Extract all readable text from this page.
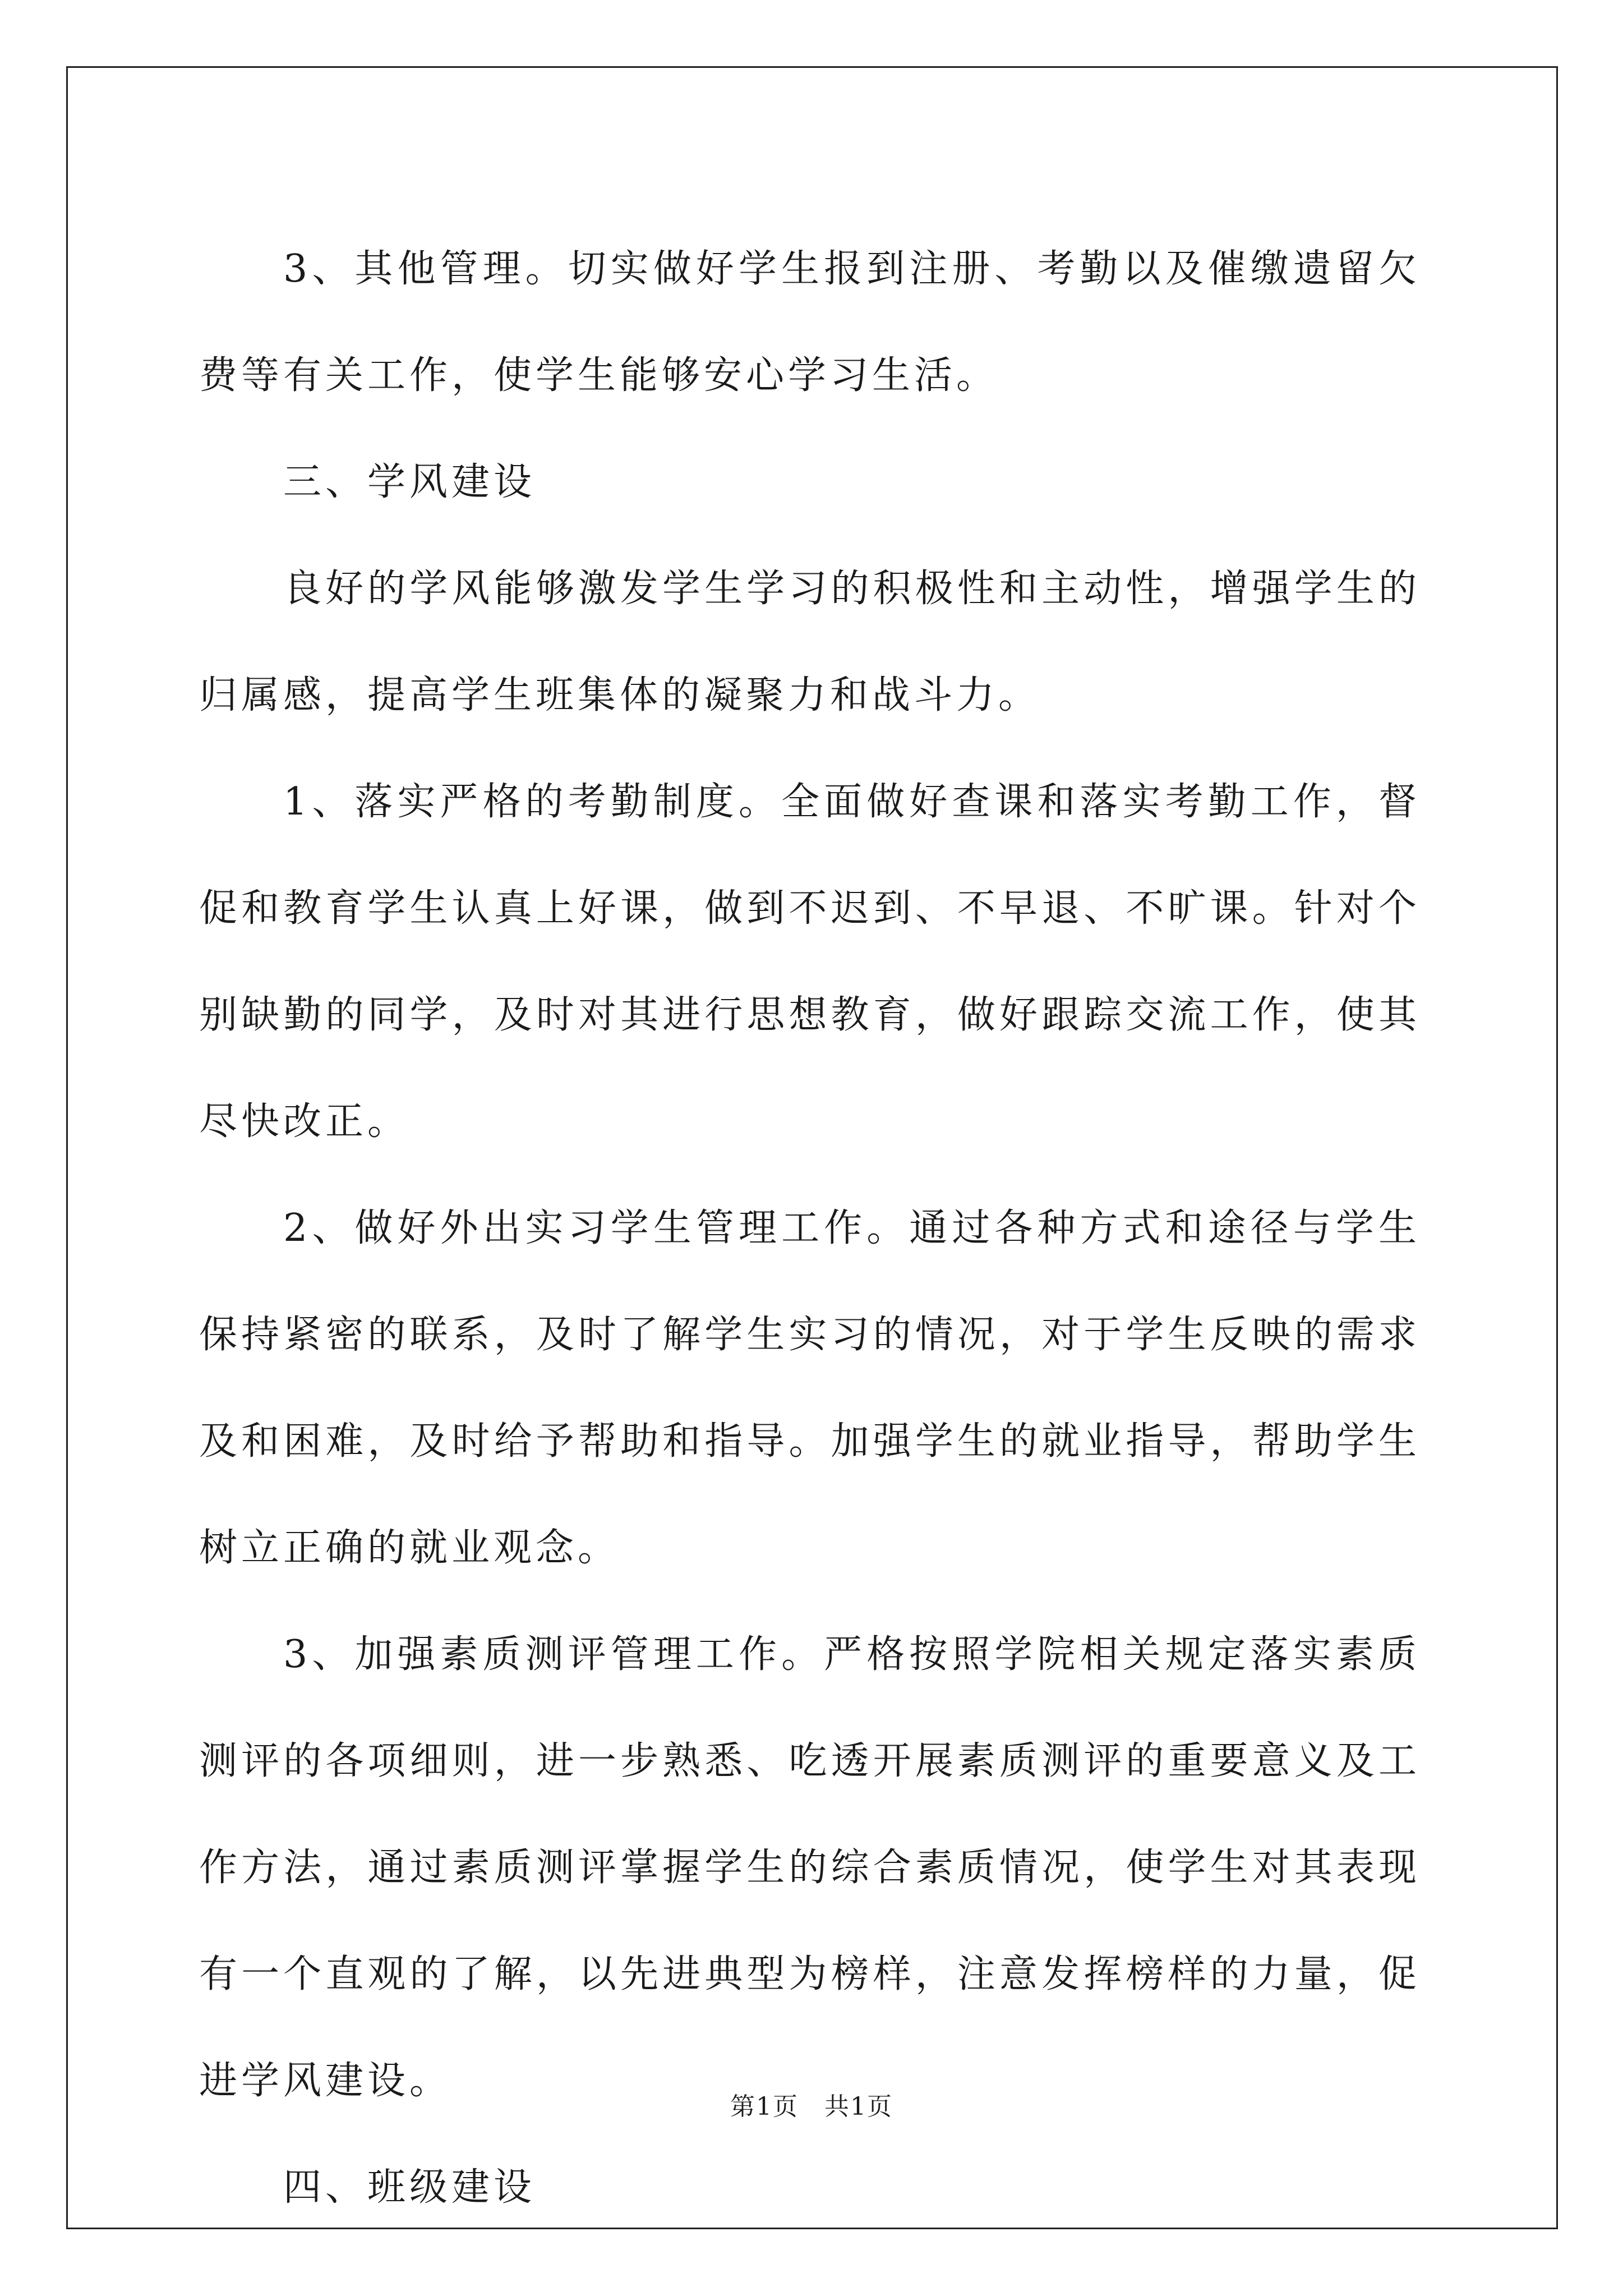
3、其他管理。切实做好学生报到注册、考勤以及催缴遗留欠费等有关工作，使学生能够安心学习生活。

三、学风建设

良好的学风能够激发学生学习的积极性和主动性，增强学生的归属感，提高学生班集体的凝聚力和战斗力。

1、落实严格的考勤制度。全面做好查课和落实考勤工作，督促和教育学生认真上好课，做到不迟到、不早退、不旷课。针对个别缺勤的同学，及时对其进行思想教育，做好跟踪交流工作，使其尽快改正。

2、做好外出实习学生管理工作。通过各种方式和途径与学生保持紧密的联系，及时了解学生实习的情况，对于学生反映的需求及和困难，及时给予帮助和指导。加强学生的就业指导，帮助学生树立正确的就业观念。

3、加强素质测评管理工作。严格按照学院相关规定落实素质测评的各项细则，进一步熟悉、吃透开展素质测评的重要意义及工作方法，通过素质测评掌握学生的综合素质情况，使学生对其表现有一个直观的了解，以先进典型为榜样，注意发挥榜样的力量，促进学风建设。

四、班级建设

第1页　共1页
